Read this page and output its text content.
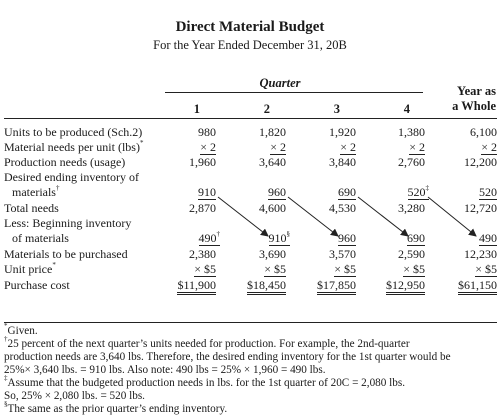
Direct Material Budget
For the Year Ended December 31, 20B
Quarter
Year as
a Whole
1	2	3	4
Units to be produced (Sch.2)	980	1,820	1,920	1,380	6,100
Material needs per unit (lbs)*	× 2	× 2	× 2	× 2	× 2
Production needs (usage)	1,960	3,640	3,840	2,760	12,200
Desired ending inventory of
materials†	910	960	690	520‡	520
Total needs	2,870	4,600	4,530	3,280	12,720
Less: Beginning inventory
of materials	490†	910§	960	690	490
Materials to be purchased	2,380	3,690	3,570	2,590	12,230
Unit price*	× $5	× $5	× $5	× $5	× $5
Purchase cost	$11,900	$18,450	$17,850	$12,950	$61,150
*Given.
†25 percent of the next quarter’s units needed for production. For example, the 2nd-quarter
production needs are 3,640 lbs. Therefore, the desired ending inventory for the 1st quarter would be
25%× 3,640 lbs. = 910 lbs. Also note: 490 lbs = 25% × 1,960 = 490 lbs.
‡Assume that the budgeted production needs in lbs. for the 1st quarter of 20C = 2,080 lbs.
So, 25% × 2,080 lbs. = 520 lbs.
§The same as the prior quarter’s ending inventory.
